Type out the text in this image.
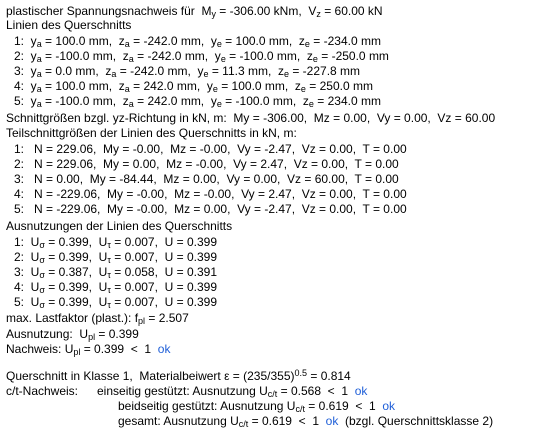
plastischer Spannungsnachweis für $M_y = -306.00$ kNm, $V_z = 60.00$ kN
Linien des Querschnitts
1:  $y_a = 100.0$ mm,  $z_a = -242.0$ mm,  $y_e = 100.0$ mm,  $z_e = -234.0$ mm
2:  $y_a = -100.0$ mm,  $z_a = -242.0$ mm,  $y_e = -100.0$ mm,  $z_e = -250.0$ mm
3:  $y_a = 0.0$ mm,  $z_a = -242.0$ mm,  $y_e = 11.3$ mm,  $z_e = -227.8$ mm
4:  $y_a = 100.0$ mm,  $z_a = 242.0$ mm,  $y_e = 100.0$ mm,  $z_e = 250.0$ mm
5:  $y_a = -100.0$ mm,  $z_a = 242.0$ mm,  $y_e = -100.0$ mm,  $z_e = 234.0$ mm
Schnittgrößen bzgl. yz-Richtung in kN, m:  My = -306.00,  Mz = 0.00,  Vy = 0.00,  Vz = 60.00
Teilschnittgrößen der Linien des Querschnitts in kN, m:
1:   N = 229.06,  My = -0.00,  Mz = -0.00,  Vy = -2.47,  Vz = 0.00,  T = 0.00
2:   N = 229.06,  My = 0.00,  Mz = -0.00,  Vy = 2.47,  Vz = 0.00,  T = 0.00
3:   N = 0.00,  My = -84.44,  Mz = 0.00,  Vy = 0.00,  Vz = 60.00,  T = 0.00
4:   N = -229.06,  My = -0.00,  Mz = -0.00,  Vy = 2.47,  Vz = 0.00,  T = 0.00
5:   N = -229.06,  My = -0.00,  Mz = 0.00,  Vy = -2.47,  Vz = 0.00,  T = 0.00
Ausnutzungen der Linien des Querschnitts
1:  $U_\sigma = 0.399$,  $U_\tau = 0.007$, U = 0.399
2:  $U_\sigma = 0.399$,  $U_\tau = 0.007$, U = 0.399
3:  $U_\sigma = 0.387$,  $U_\tau = 0.058$, U = 0.391
4:  $U_\sigma = 0.399$,  $U_\tau = 0.007$, U = 0.399
5:  $U_\sigma = 0.399$,  $U_\tau = 0.007$, U = 0.399
max. Lastfaktor (plast.): $f_{pl} = 2.507$
Ausnutzung:  $U_{pl} = 0.399$
Nachweis: $U_{pl} = 0.399 < 1$  ok
Querschnitt in Klasse 1,  Materialbeiwert $\varepsilon = (235/355)^{0.5} = 0.814$
c/t-Nachweis: einseitig gestützt: Ausnutzung $U_{c/t} = 0.568 < 1$  ok
beidseitig gestützt: Ausnutzung $U_{c/t} = 0.619 < 1$  ok
gesamt: Ausnutzung $U_{c/t} = 0.619 < 1$  ok  (bzgl. Querschnittsklasse 2)
